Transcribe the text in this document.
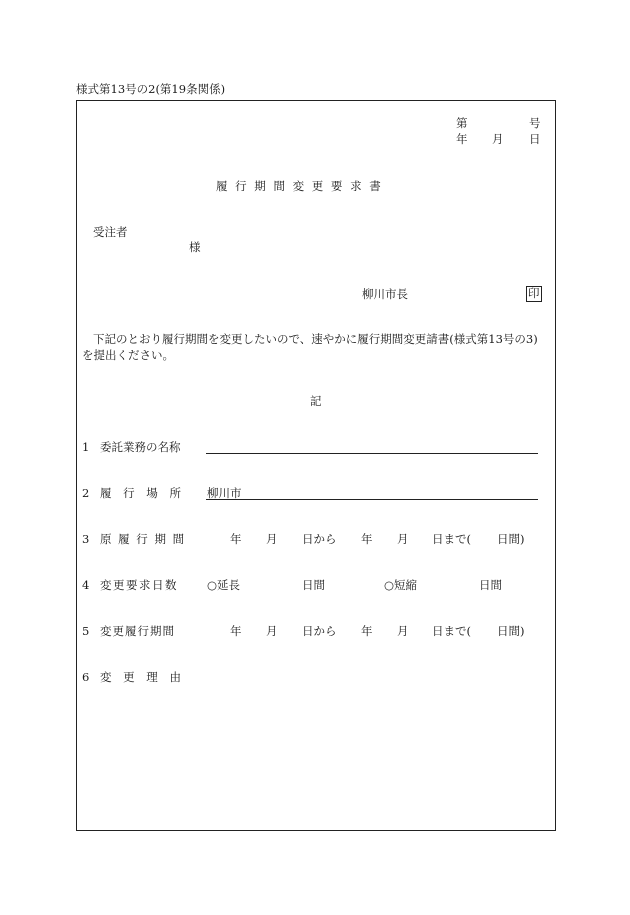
様式第13号の2(第19条関係)
第	号
年 月 日
履 行 期 間 変 更 要 求 書
受注者
様
柳川市長	印
下記のとおり履行期間を変更したいので、速やかに履行期間変更請書(様式第13号の3)
を提出ください。
記
1 委託業務の名称
2 履 行 場 所 柳川市
3 原 履 行 期 間	年 月 日から 年 月 日まで( 日間)
4 変更要求日数	○延長	日間	○短縮	日間
5 変更履行期間	年 月 日から 年 月 日まで( 日間)
6 変 更 理 由
